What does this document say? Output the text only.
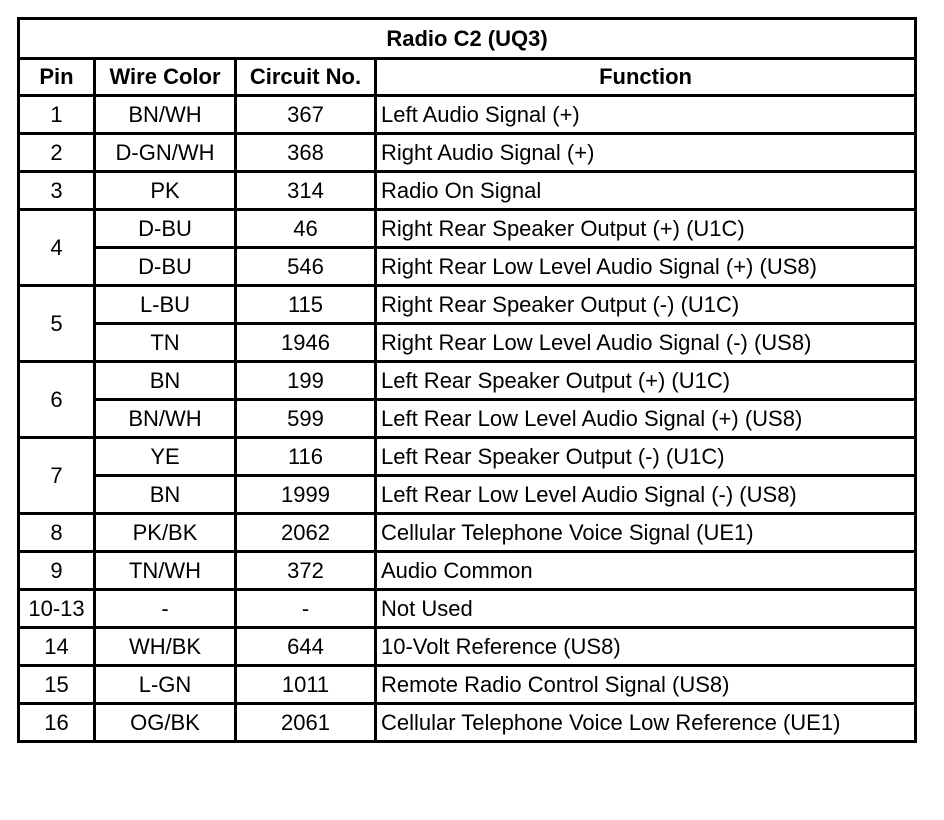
Radio C2 (UQ3)			
Pin	Wire Color	Circuit No.	Function
1	BN/WH	367	Left Audio Signal (+)
2	D-GN/WH	368	Right Audio Signal (+)
3	PK	314	Radio On Signal
4	D-BU	46	Right Rear Speaker Output (+) (U1C)
	D-BU	546	Right Rear Low Level Audio Signal (+) (US8)
5	L-BU	115	Right Rear Speaker Output (-) (U1C)
	TN	1946	Right Rear Low Level Audio Signal (-) (US8)
6	BN	199	Left Rear Speaker Output (+) (U1C)
	BN/WH	599	Left Rear Low Level Audio Signal (+) (US8)
7	YE	116	Left Rear Speaker Output (-) (U1C)
	BN	1999	Left Rear Low Level Audio Signal (-) (US8)
8	PK/BK	2062	Cellular Telephone Voice Signal (UE1)
9	TN/WH	372	Audio Common
10-13	-	-	Not Used
14	WH/BK	644	10-Volt Reference (US8)
15	L-GN	1011	Remote Radio Control Signal (US8)
16	OG/BK	2061	Cellular Telephone Voice Low Reference (UE1)
